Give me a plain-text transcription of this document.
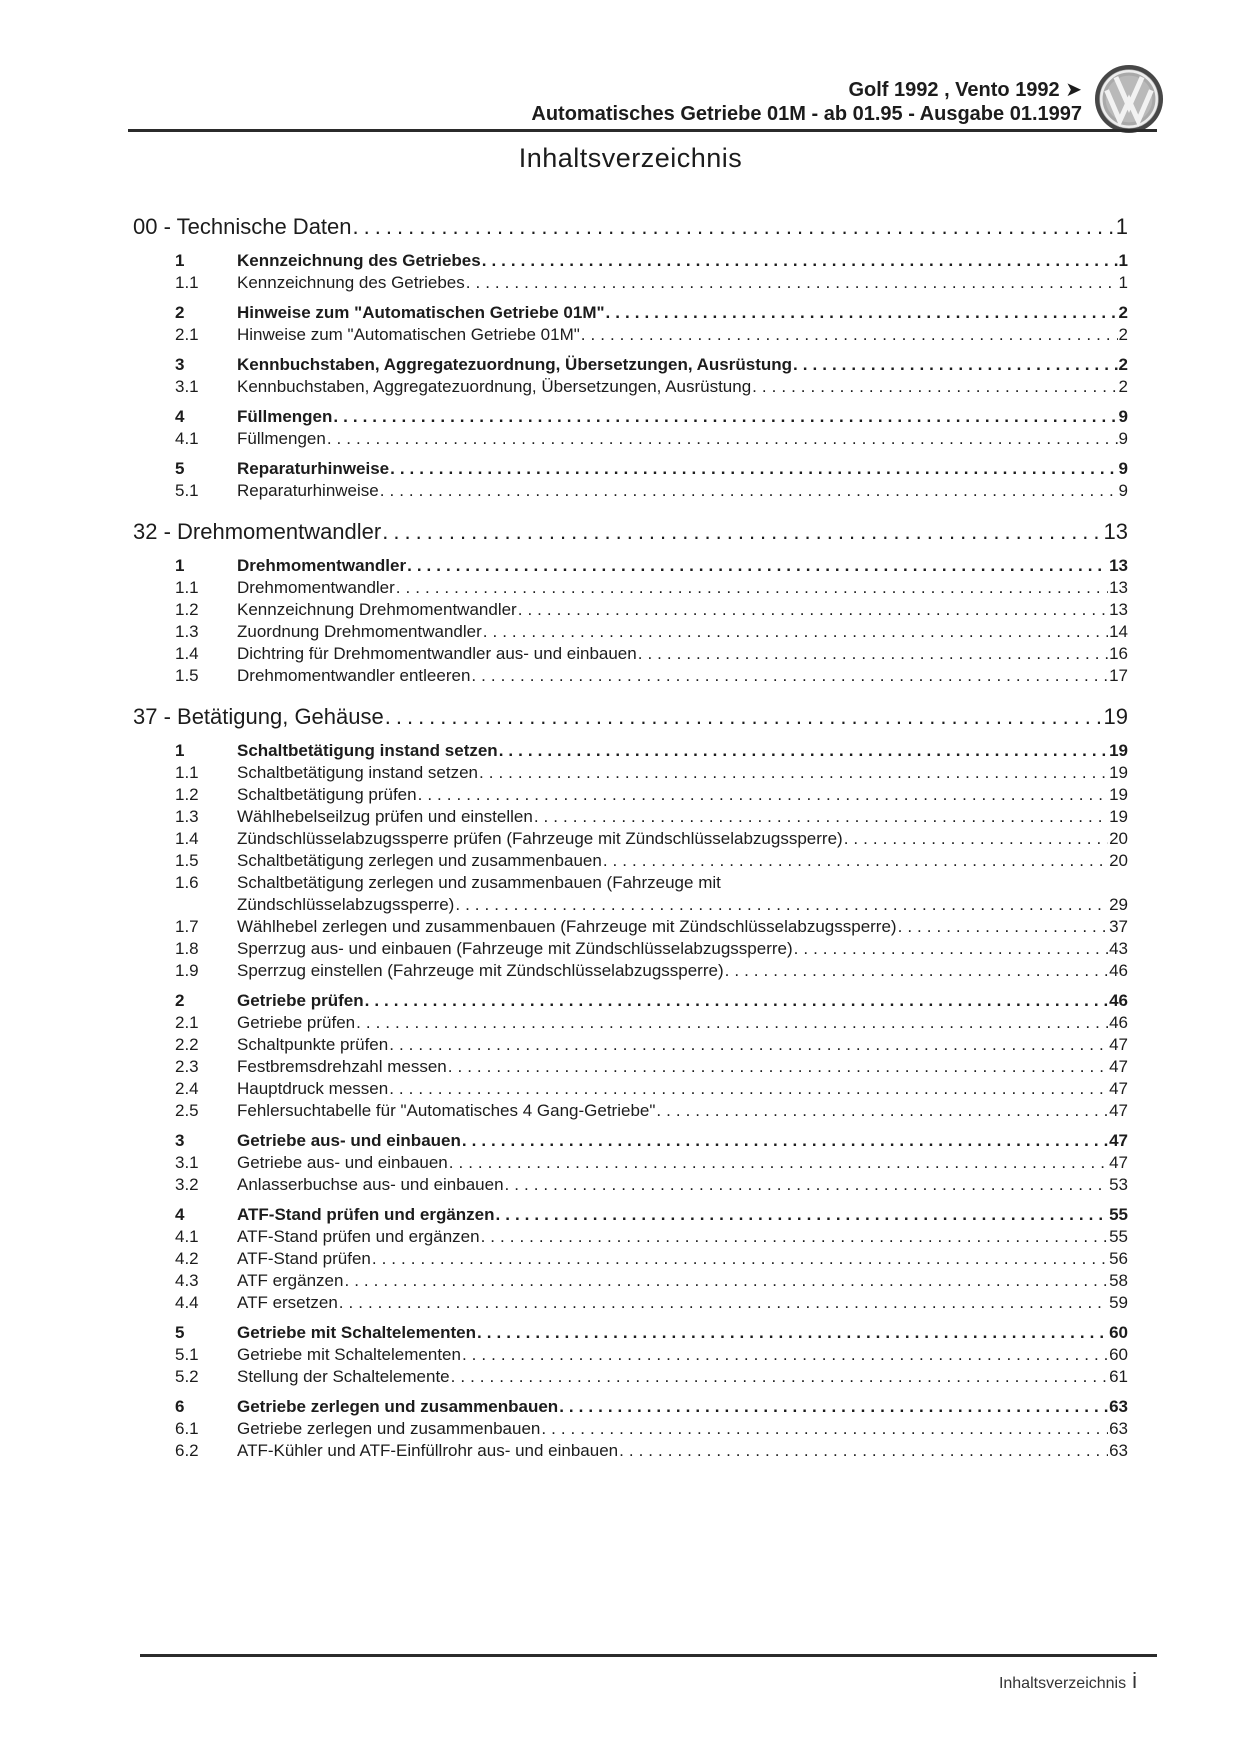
Golf 1992 , Vento 1992 ➤
Automatisches Getriebe 01M - ab 01.95 - Ausgabe 01.1997
Inhaltsverzeichnis
00 - Technische Daten .....	1
1	Kennzeichnung des Getriebes .....	1
1.1	Kennzeichnung des Getriebes .....	1
2	Hinweise zum "Automatischen Getriebe 01M" .....	2
2.1	Hinweise zum "Automatischen Getriebe 01M" .....	2
3	Kennbuchstaben, Aggregatezuordnung, Übersetzungen, Ausrüstung .....	2
3.1	Kennbuchstaben, Aggregatezuordnung, Übersetzungen, Ausrüstung .....	2
4	Füllmengen .....	9
4.1	Füllmengen .....	9
5	Reparaturhinweise .....	9
5.1	Reparaturhinweise .....	9
32 - Drehmomentwandler .....	13
1	Drehmomentwandler .....	13
1.1	Drehmomentwandler .....	13
1.2	Kennzeichnung Drehmomentwandler .....	13
1.3	Zuordnung Drehmomentwandler .....	14
1.4	Dichtring für Drehmomentwandler aus- und einbauen .....	16
1.5	Drehmomentwandler entleeren .....	17
37 - Betätigung, Gehäuse .....	19
1	Schaltbetätigung instand setzen .....	19
1.1	Schaltbetätigung instand setzen .....	19
1.2	Schaltbetätigung prüfen .....	19
1.3	Wählhebelseilzug prüfen und einstellen .....	19
1.4	Zündschlüsselabzugssperre prüfen (Fahrzeuge mit Zündschlüsselabzugssperre) .....	20
1.5	Schaltbetätigung zerlegen und zusammenbauen .....	20
1.6	Schaltbetätigung zerlegen und zusammenbauen (Fahrzeuge mit
Zündschlüsselabzugssperre) .....	29
1.7	Wählhebel zerlegen und zusammenbauen (Fahrzeuge mit Zündschlüsselabzugssperre) .....	37
1.8	Sperrzug aus- und einbauen (Fahrzeuge mit Zündschlüsselabzugssperre) .....	43
1.9	Sperrzug einstellen (Fahrzeuge mit Zündschlüsselabzugssperre) .....	46
2	Getriebe prüfen .....	46
2.1	Getriebe prüfen .....	46
2.2	Schaltpunkte prüfen .....	47
2.3	Festbremsdrehzahl messen .....	47
2.4	Hauptdruck messen .....	47
2.5	Fehlersuchtabelle für "Automatisches 4 Gang-Getriebe" .....	47
3	Getriebe aus- und einbauen .....	47
3.1	Getriebe aus- und einbauen .....	47
3.2	Anlasserbuchse aus- und einbauen .....	53
4	ATF-Stand prüfen und ergänzen .....	55
4.1	ATF-Stand prüfen und ergänzen .....	55
4.2	ATF-Stand prüfen .....	56
4.3	ATF ergänzen .....	58
4.4	ATF ersetzen .....	59
5	Getriebe mit Schaltelementen .....	60
5.1	Getriebe mit Schaltelementen .....	60
5.2	Stellung der Schaltelemente .....	61
6	Getriebe zerlegen und zusammenbauen .....	63
6.1	Getriebe zerlegen und zusammenbauen .....	63
6.2	ATF-Kühler und ATF-Einfüllrohr aus- und einbauen .....	63
Inhaltsverzeichnis i
